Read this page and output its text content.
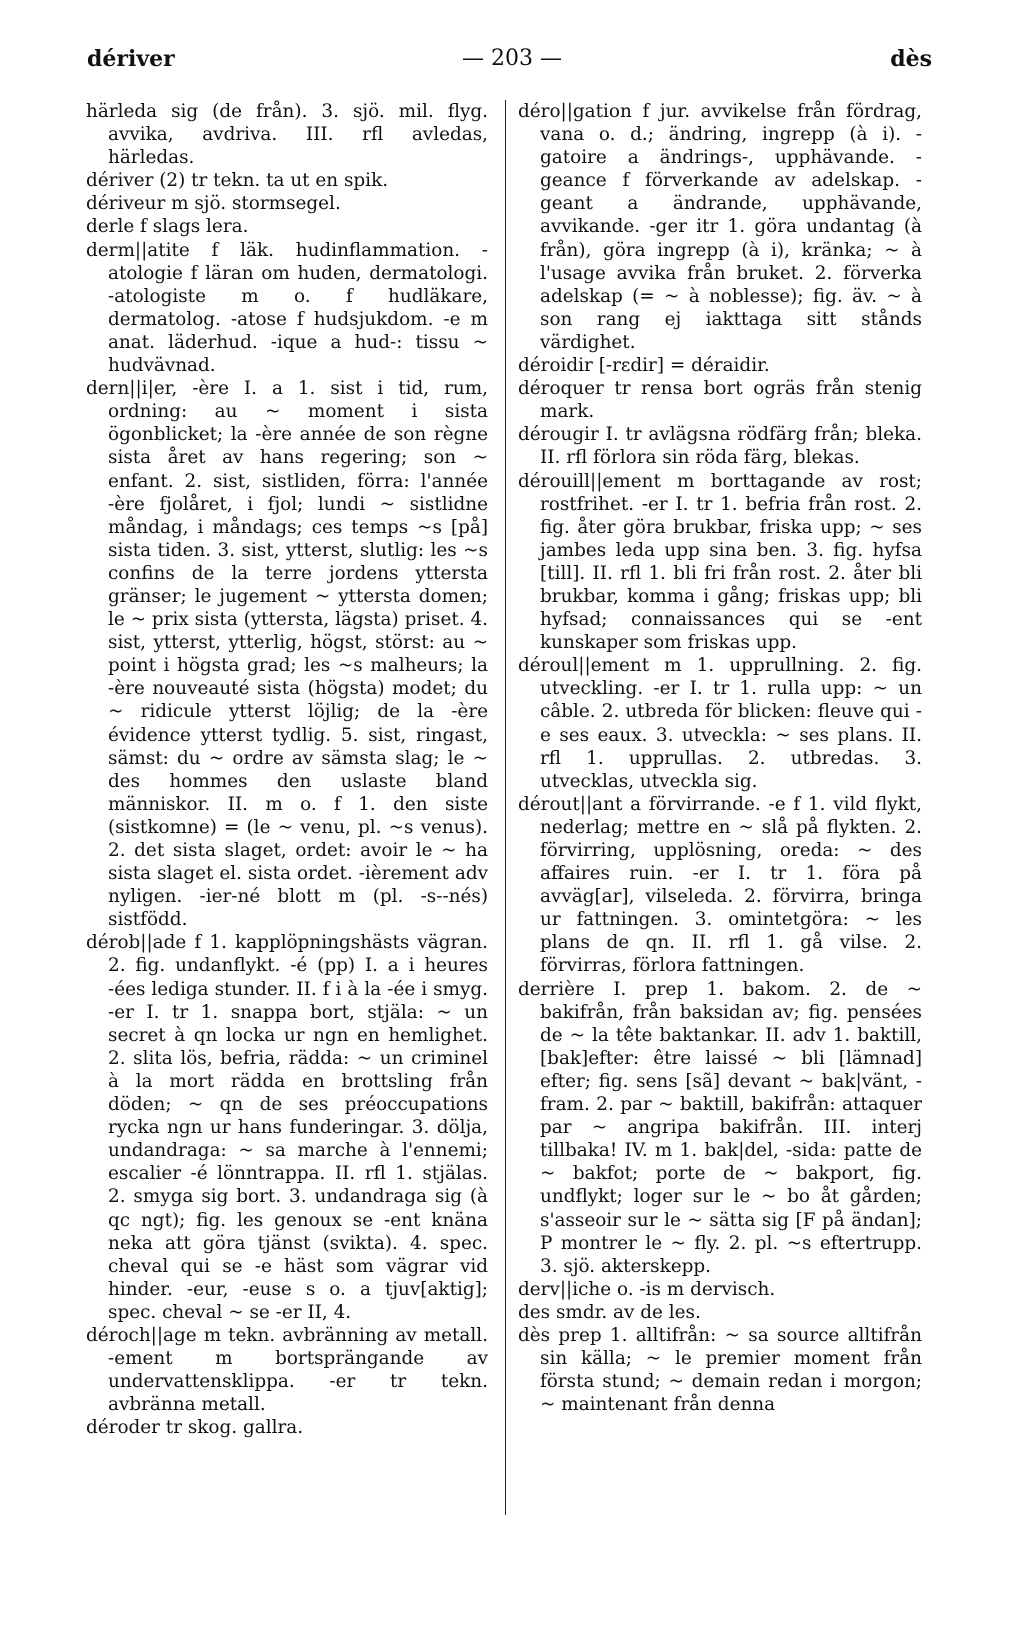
dériver	— 203 —	dès

härleda sig (de från). 3. sjö. mil. flyg. avvika, avdriva. III. rfl avledas, härledas.

dériver (2) tr tekn. ta ut en spik.

dériveur m sjö. stormsegel.

derle f slags lera.

derm||atite f läk. hudinflammation. -atologie f läran om huden, dermatologi. -atologiste m o. f hudläkare, dermatolog. -atose f hudsjukdom. -e m anat. läderhud. -ique a hud-: tissu ~ hudvävnad.

dern||i|er, -ère I. a 1. sist i tid, rum, ordning: au ~ moment i sista ögonblicket; la -ère année de son règne sista året av hans regering; son ~ enfant. 2. sist, sistliden, förra: l'année -ère fjolåret, i fjol; lundi ~ sistlidne måndag, i måndags; ces temps ~s [på] sista tiden. 3. sist, ytterst, slutlig: les ~s confins de la terre jordens yttersta gränser; le jugement ~ yttersta domen; le ~ prix sista (yttersta, lägsta) priset. 4. sist, ytterst, ytterlig, högst, störst: au ~ point i högsta grad; les ~s malheurs; la -ère nouveauté sista (högsta) modet; du ~ ridicule ytterst löjlig; de la -ère évidence ytterst tydlig. 5. sist, ringast, sämst: du ~ ordre av sämsta slag; le ~ des hommes den uslaste bland människor. II. m o. f 1. den siste (sistkomne) = (le ~ venu, pl. ~s venus). 2. det sista slaget, ordet: avoir le ~ ha sista slaget el. sista ordet. -ièrement adv nyligen. -ier-né blott m (pl. -s--nés) sistfödd.

dérob||ade f 1. kapplöpningshästs vägran. 2. fig. undanflykt. -é (pp) I. a i heures -ées lediga stunder. II. f i à la -ée i smyg. -er I. tr 1. snappa bort, stjäla: ~ un secret à qn locka ur ngn en hemlighet. 2. slita lös, befria, rädda: ~ un criminel à la mort rädda en brottsling från döden; ~ qn de ses préoccupations rycka ngn ur hans funderingar. 3. dölja, undandraga: ~ sa marche à l'ennemi; escalier -é lönntrappa. II. rfl 1. stjälas. 2. smyga sig bort. 3. undandraga sig (à qc ngt); fig. les genoux se -ent knäna neka att göra tjänst (svikta). 4. spec. cheval qui se -e häst som vägrar vid hinder. -eur, -euse s o. a tjuv[aktig]; spec. cheval ~ se -er II, 4.

déroch||age m tekn. avbränning av metall. -ement m bortsprängande av undervattensklippa. -er tr tekn. avbränna metall.

déroder tr skog. gallra.

dérо||gation f jur. avvikelse från fördrag, vana o. d.; ändring, ingrepp (à i). -gatoire a ändrings-, upphävande. -geance f förverkande av adelskap. -geant a ändrande, upphävande, avvikande. -ger itr 1. göra undantag (à från), göra ingrepp (à i), kränka; ~ à l'usage avvika från bruket. 2. förverka adelskap (= ~ à noblesse); fig. äv. ~ à son rang ej iakttaga sitt stånds värdighet.

déroidir [-rɛdir] = déraidir.

déroquer tr rensa bort ogräs från stenig mark.

dérougir I. tr avlägsna rödfärg från; bleka. II. rfl förlora sin röda färg, blekas.

dérouill||ement m borttagande av rost; rostfrihet. -er I. tr 1. befria från rost. 2. fig. åter göra brukbar, friska upp; ~ ses jambes leda upp sina ben. 3. fig. hyfsa [till]. II. rfl 1. bli fri från rost. 2. åter bli brukbar, komma i gång; friskas upp; bli hyfsad; connaissances qui se -ent kunskaper som friskas upp.

déroul||ement m 1. upprullning. 2. fig. utveckling. -er I. tr 1. rulla upp: ~ un câble. 2. utbreda för blicken: fleuve qui -e ses eaux. 3. utveckla: ~ ses plans. II. rfl 1. upprullas. 2. utbredas. 3. utvecklas, utveckla sig.

dérout||ant a förvirrande. -e f 1. vild flykt, nederlag; mettre en ~ slå på flykten. 2. förvirring, upplösning, oreda: ~ des affaires ruin. -er I. tr 1. föra på avväg[ar], vilseleda. 2. förvirra, bringa ur fattningen. 3. omintetgöra: ~ les plans de qn. II. rfl 1. gå vilse. 2. förvirras, förlora fattningen.

derrière I. prep 1. bakom. 2. de ~ bakifrån, från baksidan av; fig. pensées de ~ la tête baktankar. II. adv 1. baktill, [bak]efter: être laissé ~ bli [lämnad] efter; fig. sens [sã] devant ~ bak|vänt, -fram. 2. par ~ baktill, bakifrån: attaquer par ~ angripa bakifrån. III. interj tillbaka! IV. m 1. bak|del, -sida: patte de ~ bakfot; porte de ~ bakport, fig. undflykt; loger sur le ~ bo åt gården; s'asseoir sur le ~ sätta sig [F på ändan]; P montrer le ~ fly. 2. pl. ~s eftertrupp. 3. sjö. akterskepp.

derv||iche o. -is m dervisch.

des smdr. av de les.

dès prep 1. alltifrån: ~ sa source alltifrån sin källa; ~ le premier moment från första stund; ~ demain redan i morgon; ~ maintenant från denna
